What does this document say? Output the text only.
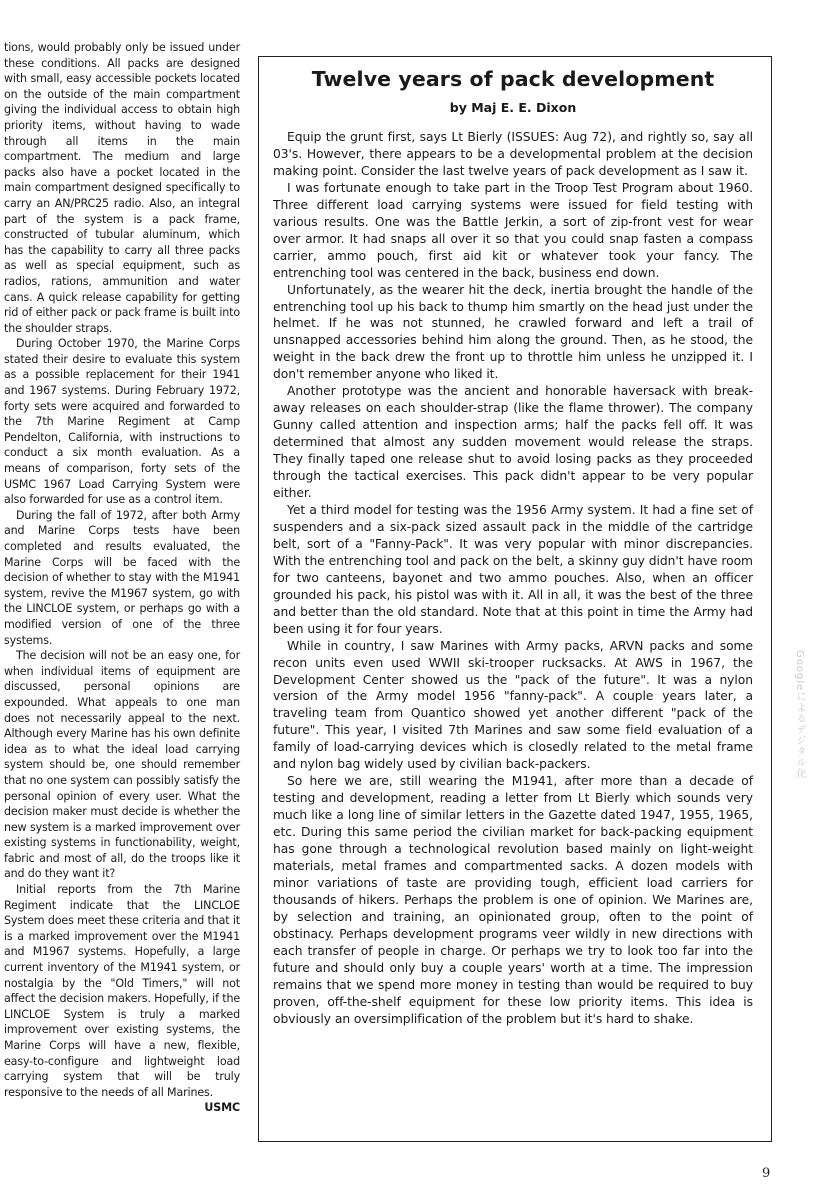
tions, would probably only be issued under these conditions. All packs are designed with small, easy accessible pockets located on the outside of the main compartment giving the individual access to obtain high priority items, without having to wade through all items in the main compartment. The medium and large packs also have a pocket located in the main compartment designed specifically to carry an AN/PRC25 radio. Also, an integral part of the system is a pack frame, constructed of tubular aluminum, which has the capability to carry all three packs as well as special equipment, such as radios, rations, ammunition and water cans. A quick release capability for getting rid of either pack or pack frame is built into the shoulder straps.

During October 1970, the Marine Corps stated their desire to evaluate this system as a possible replacement for their 1941 and 1967 systems. During February 1972, forty sets were acquired and forwarded to the 7th Marine Regiment at Camp Pendelton, California, with instructions to conduct a six month evaluation. As a means of comparison, forty sets of the USMC 1967 Load Carrying System were also forwarded for use as a control item.

During the fall of 1972, after both Army and Marine Corps tests have been completed and results evaluated, the Marine Corps will be faced with the decision of whether to stay with the M1941 system, revive the M1967 system, go with the LINCLOE system, or perhaps go with a modified version of one of the three systems.

The decision will not be an easy one, for when individual items of equipment are discussed, personal opinions are expounded. What appeals to one man does not necessarily appeal to the next. Although every Marine has his own definite idea as to what the ideal load carrying system should be, one should remember that no one system can possibly satisfy the personal opinion of every user. What the decision maker must decide is whether the new system is a marked improvement over existing systems in functionability, weight, fabric and most of all, do the troops like it and do they want it?

Initial reports from the 7th Marine Regiment indicate that the LINCLOE System does meet these criteria and that it is a marked improvement over the M1941 and M1967 systems. Hopefully, a large current inventory of the M1941 system, or nostalgia by the "Old Timers," will not affect the decision makers. Hopefully, if the LINCLOE System is truly a marked improvement over existing systems, the Marine Corps will have a new, flexible, easy-to-configure and lightweight load carrying system that will be truly responsive to the needs of all Marines.
USMC

Twelve years of pack development
by Maj E. E. Dixon

Equip the grunt first, says Lt Bierly (ISSUES: Aug 72), and rightly so, say all 03's. However, there appears to be a developmental problem at the decision making point. Consider the last twelve years of pack development as I saw it.

I was fortunate enough to take part in the Troop Test Program about 1960. Three different load carrying systems were issued for field testing with various results. One was the Battle Jerkin, a sort of zip-front vest for wear over armor. It had snaps all over it so that you could snap fasten a compass carrier, ammo pouch, first aid kit or whatever took your fancy. The entrenching tool was centered in the back, business end down.

Unfortunately, as the wearer hit the deck, inertia brought the handle of the entrenching tool up his back to thump him smartly on the head just under the helmet. If he was not stunned, he crawled forward and left a trail of unsnapped accessories behind him along the ground. Then, as he stood, the weight in the back drew the front up to throttle him unless he unzipped it. I don't remember anyone who liked it.

Another prototype was the ancient and honorable haversack with break-away releases on each shoulder-strap (like the flame thrower). The company Gunny called attention and inspection arms; half the packs fell off. It was determined that almost any sudden movement would release the straps. They finally taped one release shut to avoid losing packs as they proceeded through the tactical exercises. This pack didn't appear to be very popular either.

Yet a third model for testing was the 1956 Army system. It had a fine set of suspenders and a six-pack sized assault pack in the middle of the cartridge belt, sort of a "Fanny-Pack". It was very popular with minor discrepancies. With the entrenching tool and pack on the belt, a skinny guy didn't have room for two canteens, bayonet and two ammo pouches. Also, when an officer grounded his pack, his pistol was with it. All in all, it was the best of the three and better than the old standard. Note that at this point in time the Army had been using it for four years.

While in country, I saw Marines with Army packs, ARVN packs and some recon units even used WWII ski-trooper rucksacks. At AWS in 1967, the Development Center showed us the "pack of the future". It was a nylon version of the Army model 1956 "fanny-pack". A couple years later, a traveling team from Quantico showed yet another different "pack of the future". This year, I visited 7th Marines and saw some field evaluation of a family of load-carrying devices which is closedly related to the metal frame and nylon bag widely used by civilian back-packers.

So here we are, still wearing the M1941, after more than a decade of testing and development, reading a letter from Lt Bierly which sounds very much like a long line of similar letters in the Gazette dated 1947, 1955, 1965, etc. During this same period the civilian market for back-packing equipment has gone through a technological revolution based mainly on light-weight materials, metal frames and compartmented sacks. A dozen models with minor variations of taste are providing tough, efficient load carriers for thousands of hikers. Perhaps the problem is one of opinion. We Marines are, by selection and training, an opinionated group, often to the point of obstinacy. Perhaps development programs veer wildly in new directions with each transfer of people in charge. Or perhaps we try to look too far into the future and should only buy a couple years' worth at a time. The impression remains that we spend more money in testing than would be required to buy proven, off-the-shelf equipment for these low priority items. This idea is obviously an oversimplification of the problem but it's hard to shake.

Googleによるデジタル化
9
